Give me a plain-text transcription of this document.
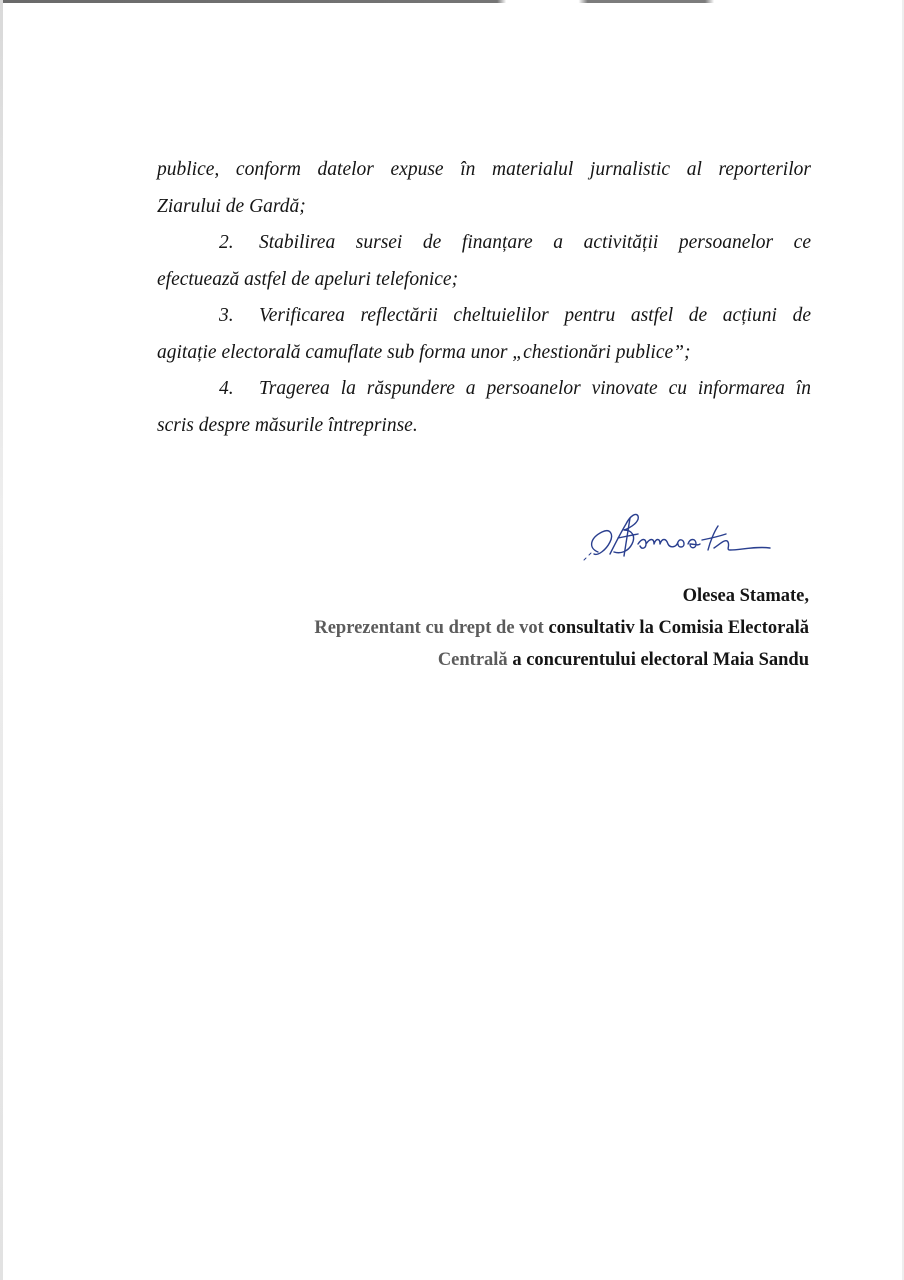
publice, conform datelor expuse în materialul jurnalistic al reporterilor
Ziarului de Gardă;
2. Stabilirea sursei de finanțare a activității persoanelor ce
efectuează astfel de apeluri telefonice;
3. Verificarea reflectării cheltuielilor pentru astfel de acțiuni de
agitație electorală camuflate sub forma unor „chestionări publice”;
4. Tragerea la răspundere a persoanelor vinovate cu informarea în
scris despre măsurile întreprinse.
Olesea Stamate,
Reprezentant cu drept de vot consultativ la Comisia Electorală
Centrală a concurentului electoral Maia Sandu
